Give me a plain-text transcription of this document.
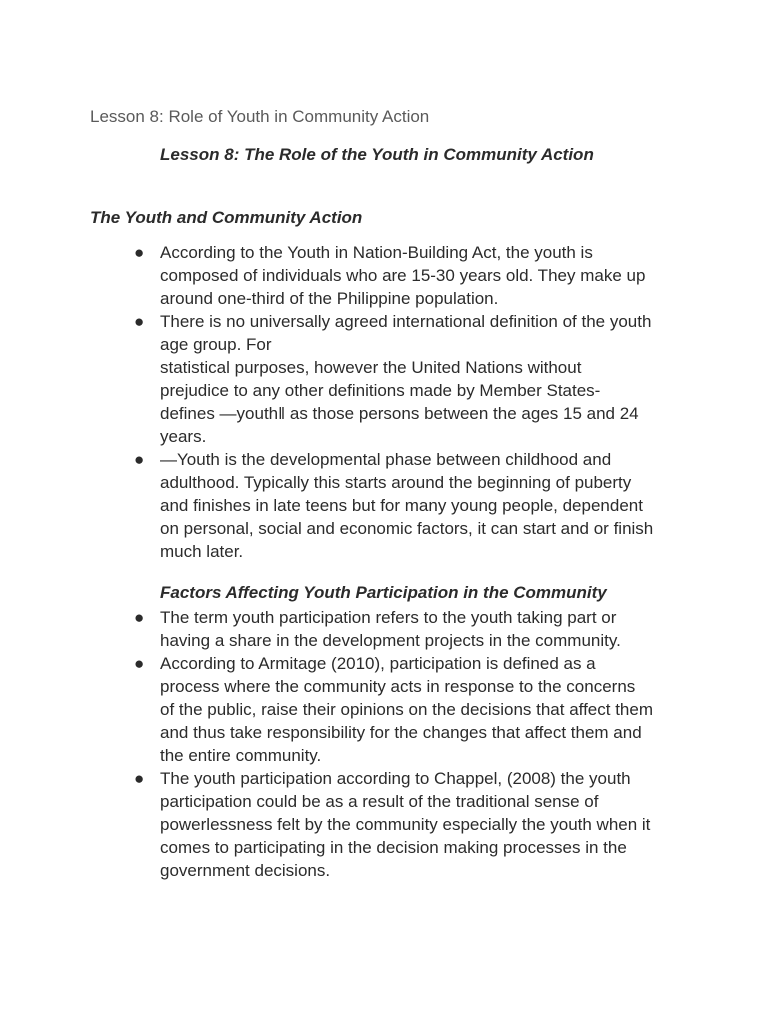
Lesson 8: Role of Youth in Community Action
Lesson 8: The Role of the Youth in Community Action
The Youth and Community Action
● According to the Youth in Nation-Building Act, the youth is
composed of individuals who are 15-30 years old. They make up
around one-third of the Philippine population.
● There is no universally agreed international definition of the youth
age group. For
statistical purposes, however the United Nations without
prejudice to any other definitions made by Member States-
defines ―youth‖ as those persons between the ages 15 and 24
years.
● ―Youth is the developmental phase between childhood and
adulthood. Typically this starts around the beginning of puberty
and finishes in late teens but for many young people, dependent
on personal, social and economic factors, it can start and or finish
much later.
Factors Affecting Youth Participation in the Community
● The term youth participation refers to the youth taking part or
having a share in the development projects in the community.
● According to Armitage (2010), participation is defined as a
process where the community acts in response to the concerns
of the public, raise their opinions on the decisions that affect them
and thus take responsibility for the changes that affect them and
the entire community.
● The youth participation according to Chappel, (2008) the youth
participation could be as a result of the traditional sense of
powerlessness felt by the community especially the youth when it
comes to participating in the decision making processes in the
government decisions.
